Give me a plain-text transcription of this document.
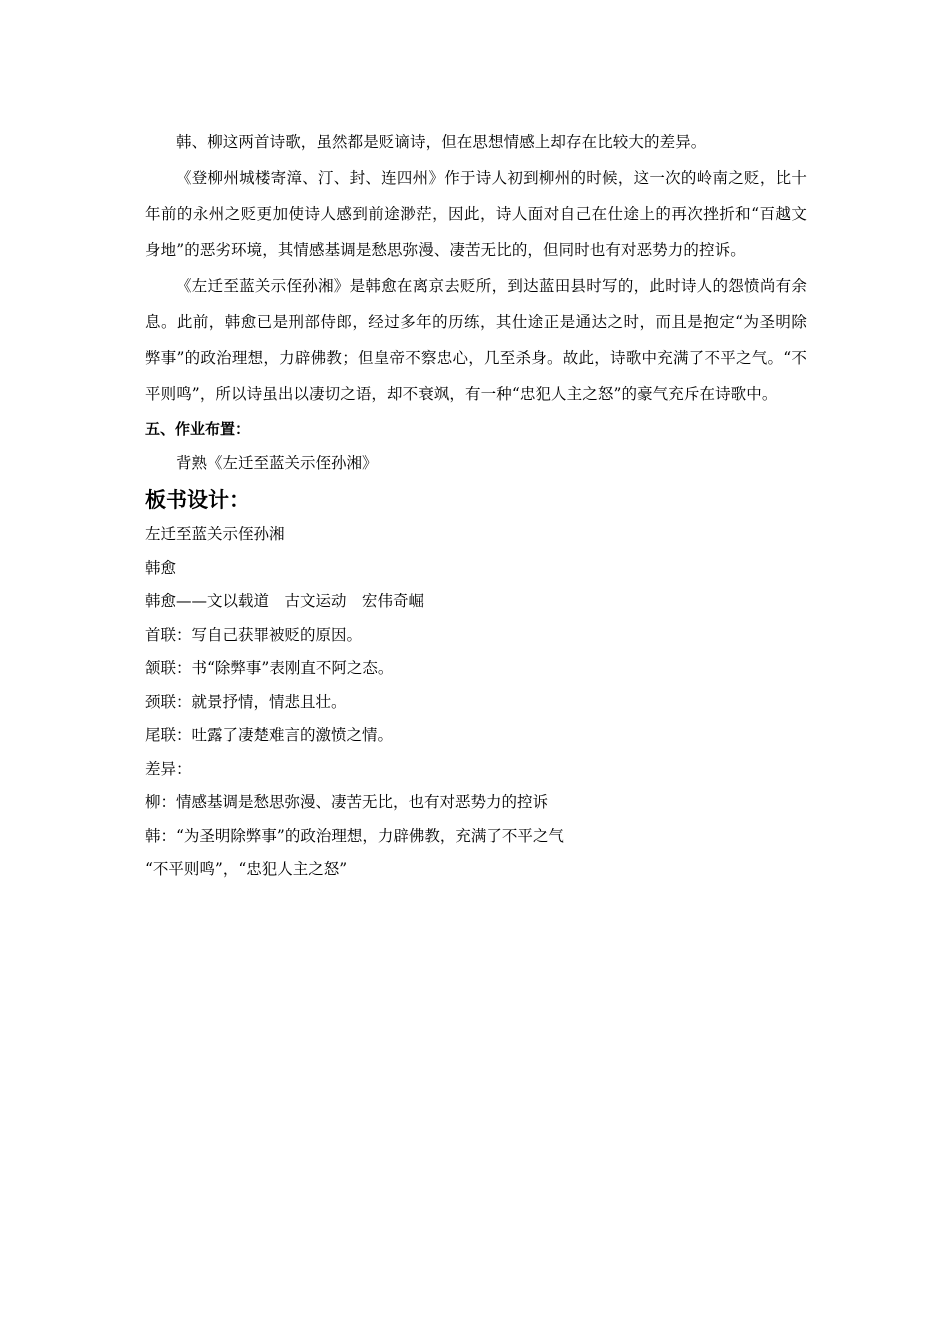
韩、柳这两首诗歌，虽然都是贬谪诗，但在思想情感上却存在比较大的差异。

《登柳州城楼寄漳、汀、封、连四州》作于诗人初到柳州的时候，这一次的岭南之贬，比十年前的永州之贬更加使诗人感到前途渺茫，因此，诗人面对自己在仕途上的再次挫折和“百越文身地”的恶劣环境，其情感基调是愁思弥漫、凄苦无比的，但同时也有对恶势力的控诉。

《左迁至蓝关示侄孙湘》是韩愈在离京去贬所，到达蓝田县时写的，此时诗人的怨愤尚有余息。此前，韩愈已是刑部侍郎，经过多年的历练，其仕途正是通达之时，而且是抱定“为圣明除弊事”的政治理想，力辟佛教；但皇帝不察忠心，几至杀身。故此，诗歌中充满了不平之气。“不平则鸣”，所以诗虽出以凄切之语，却不衰飒，有一种“忠犯人主之怒”的豪气充斥在诗歌中。

五、作业布置：

背熟《左迁至蓝关示侄孙湘》

板书设计：

左迁至蓝关示侄孙湘

韩愈

韩愈——文以载道　古文运动　宏伟奇崛

首联：写自己获罪被贬的原因。

颔联：书“除弊事”表刚直不阿之态。

颈联：就景抒情，情悲且壮。

尾联：吐露了凄楚难言的激愤之情。

差异：

柳：情感基调是愁思弥漫、凄苦无比，也有对恶势力的控诉

韩：“为圣明除弊事”的政治理想，力辟佛教，充满了不平之气

“不平则鸣”，“忠犯人主之怒”
